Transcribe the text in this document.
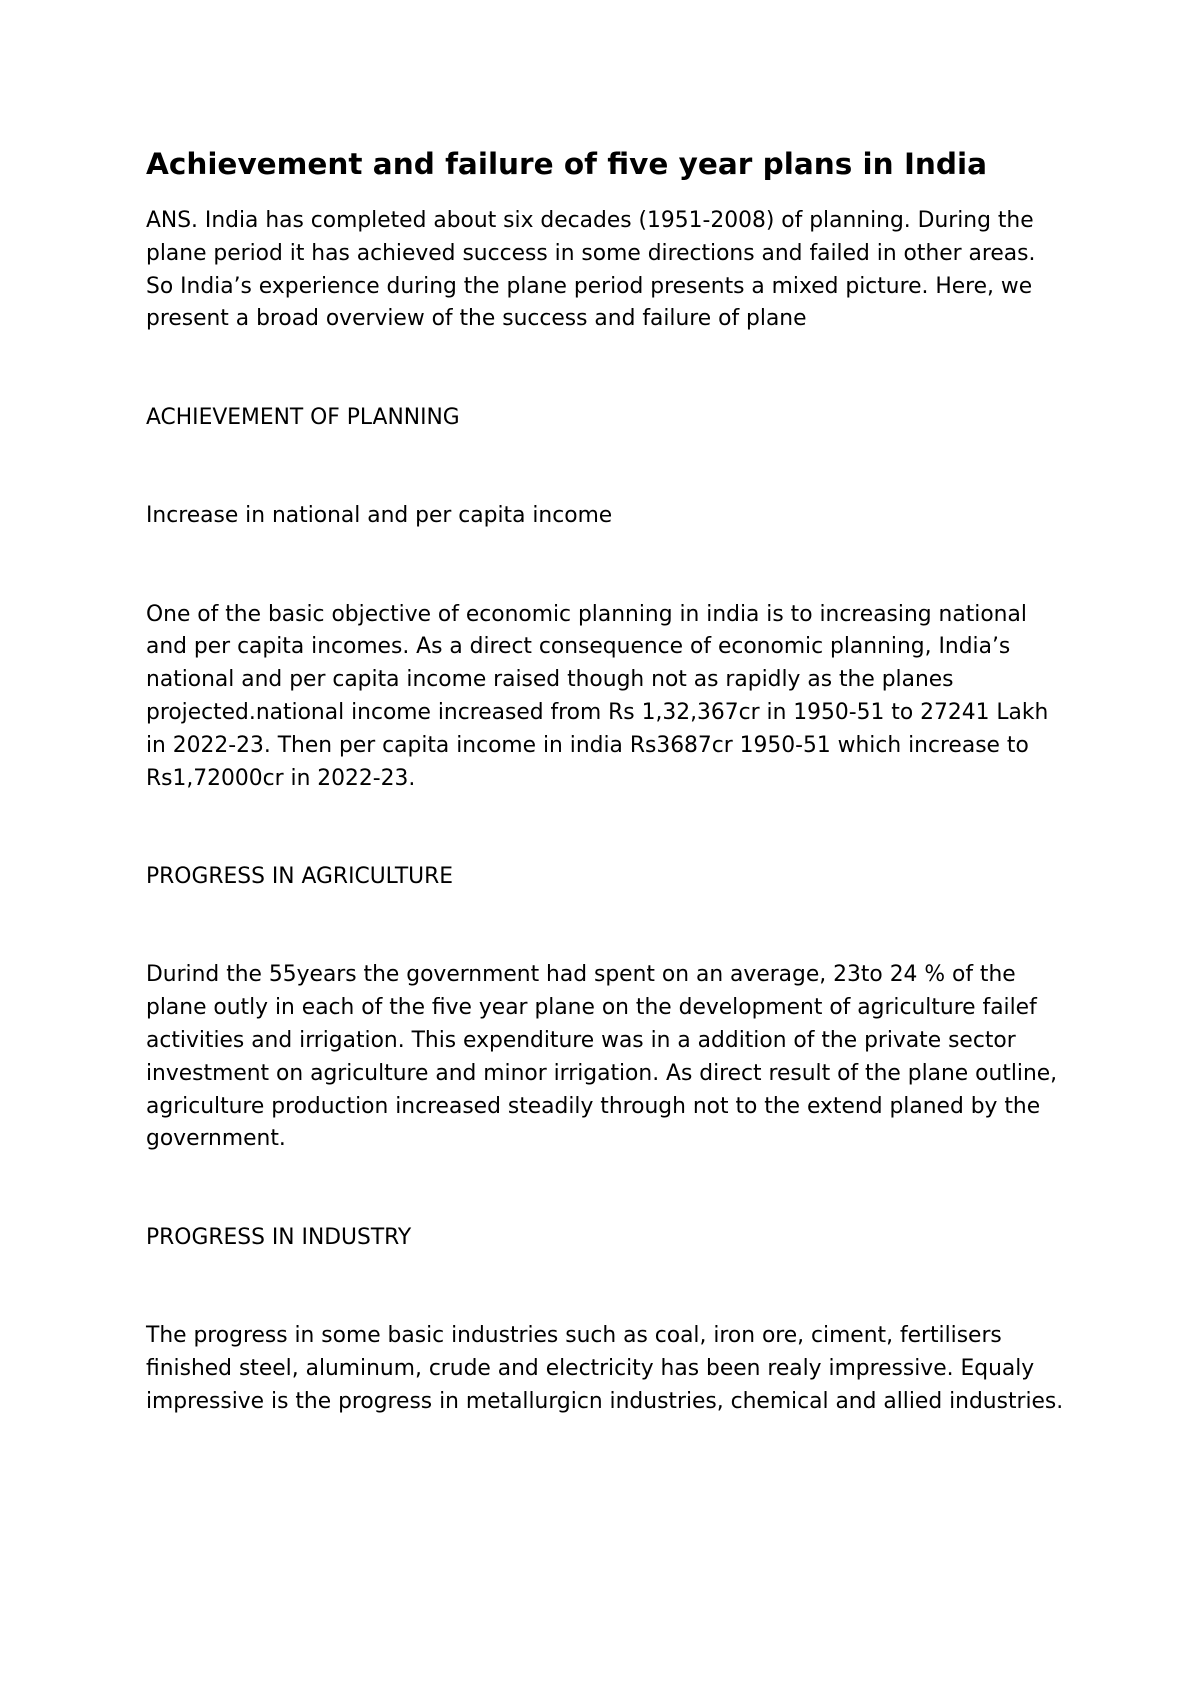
Achievement and failure of five year plans in India

ANS. India has completed about six decades (1951-2008) of planning. During the plane period it has achieved success in some directions and failed in other areas. So India’s experience during the plane period presents a mixed picture. Here, we present a broad overview of the success and failure of plane

ACHIEVEMENT OF PLANNING

Increase in national and per capita income

One of the basic objective of economic planning in india is to increasing national and per capita incomes. As a direct consequence of economic planning, India’s national and per capita income raised though not as rapidly as the planes projected.national income increased from Rs 1,32,367cr in 1950-51 to 27241 Lakh in 2022-23. Then per capita income in india Rs3687cr 1950-51 which increase to Rs1,72000cr in 2022-23.

PROGRESS IN AGRICULTURE

Durind the 55years the government had spent on an average, 23to 24 % of the plane outly in each of the five year plane on the development of agriculture failef activities and irrigation. This expenditure was in a addition of the private sector investment on agriculture and minor irrigation. As direct result of the plane outline, agriculture production increased steadily through not to the extend planed by the government.

PROGRESS IN INDUSTRY

The progress in some basic industries such as coal, iron ore, ciment, fertilisers finished steel, aluminum, crude and electricity has been realy impressive. Equaly impressive is the progress in metallurgicn industries, chemical and allied industries.
